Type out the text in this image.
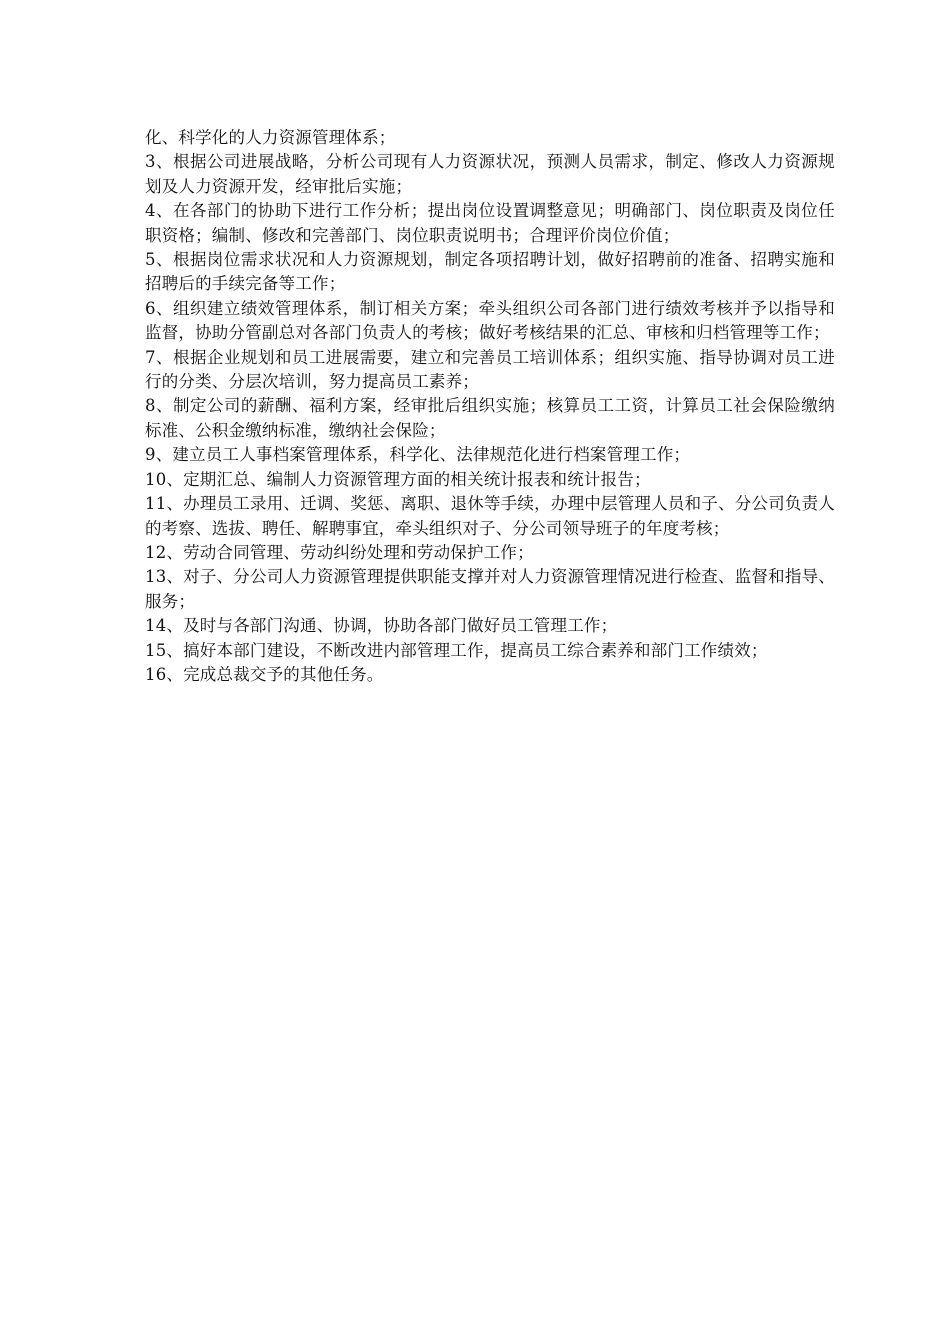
化、科学化的人力资源管理体系；

3、根据公司进展战略，分析公司现有人力资源状况，预测人员需求，制定、修改人力资源规划及人力资源开发，经审批后实施；

4、在各部门的协助下进行工作分析；提出岗位设置调整意见；明确部门、岗位职责及岗位任职资格；编制、修改和完善部门、岗位职责说明书；合理评价岗位价值；

5、根据岗位需求状况和人力资源规划，制定各项招聘计划，做好招聘前的准备、招聘实施和招聘后的手续完备等工作；

6、组织建立绩效管理体系，制订相关方案；牵头组织公司各部门进行绩效考核并予以指导和监督，协助分管副总对各部门负责人的考核；做好考核结果的汇总、审核和归档管理等工作；

7、根据企业规划和员工进展需要，建立和完善员工培训体系；组织实施、指导协调对员工进行的分类、分层次培训，努力提高员工素养；

8、制定公司的薪酬、福利方案，经审批后组织实施；核算员工工资，计算员工社会保险缴纳标准、公积金缴纳标准，缴纳社会保险；

9、建立员工人事档案管理体系，科学化、法律规范化进行档案管理工作；

10、定期汇总、编制人力资源管理方面的相关统计报表和统计报告；

11、办理员工录用、迁调、奖惩、离职、退休等手续，办理中层管理人员和子、分公司负责人的考察、选拔、聘任、解聘事宜，牵头组织对子、分公司领导班子的年度考核；

12、劳动合同管理、劳动纠纷处理和劳动保护工作；

13、对子、分公司人力资源管理提供职能支撑并对人力资源管理情况进行检查、监督和指导、服务；

14、及时与各部门沟通、协调，协助各部门做好员工管理工作；

15、搞好本部门建设，不断改进内部管理工作，提高员工综合素养和部门工作绩效；

16、完成总裁交予的其他任务。
